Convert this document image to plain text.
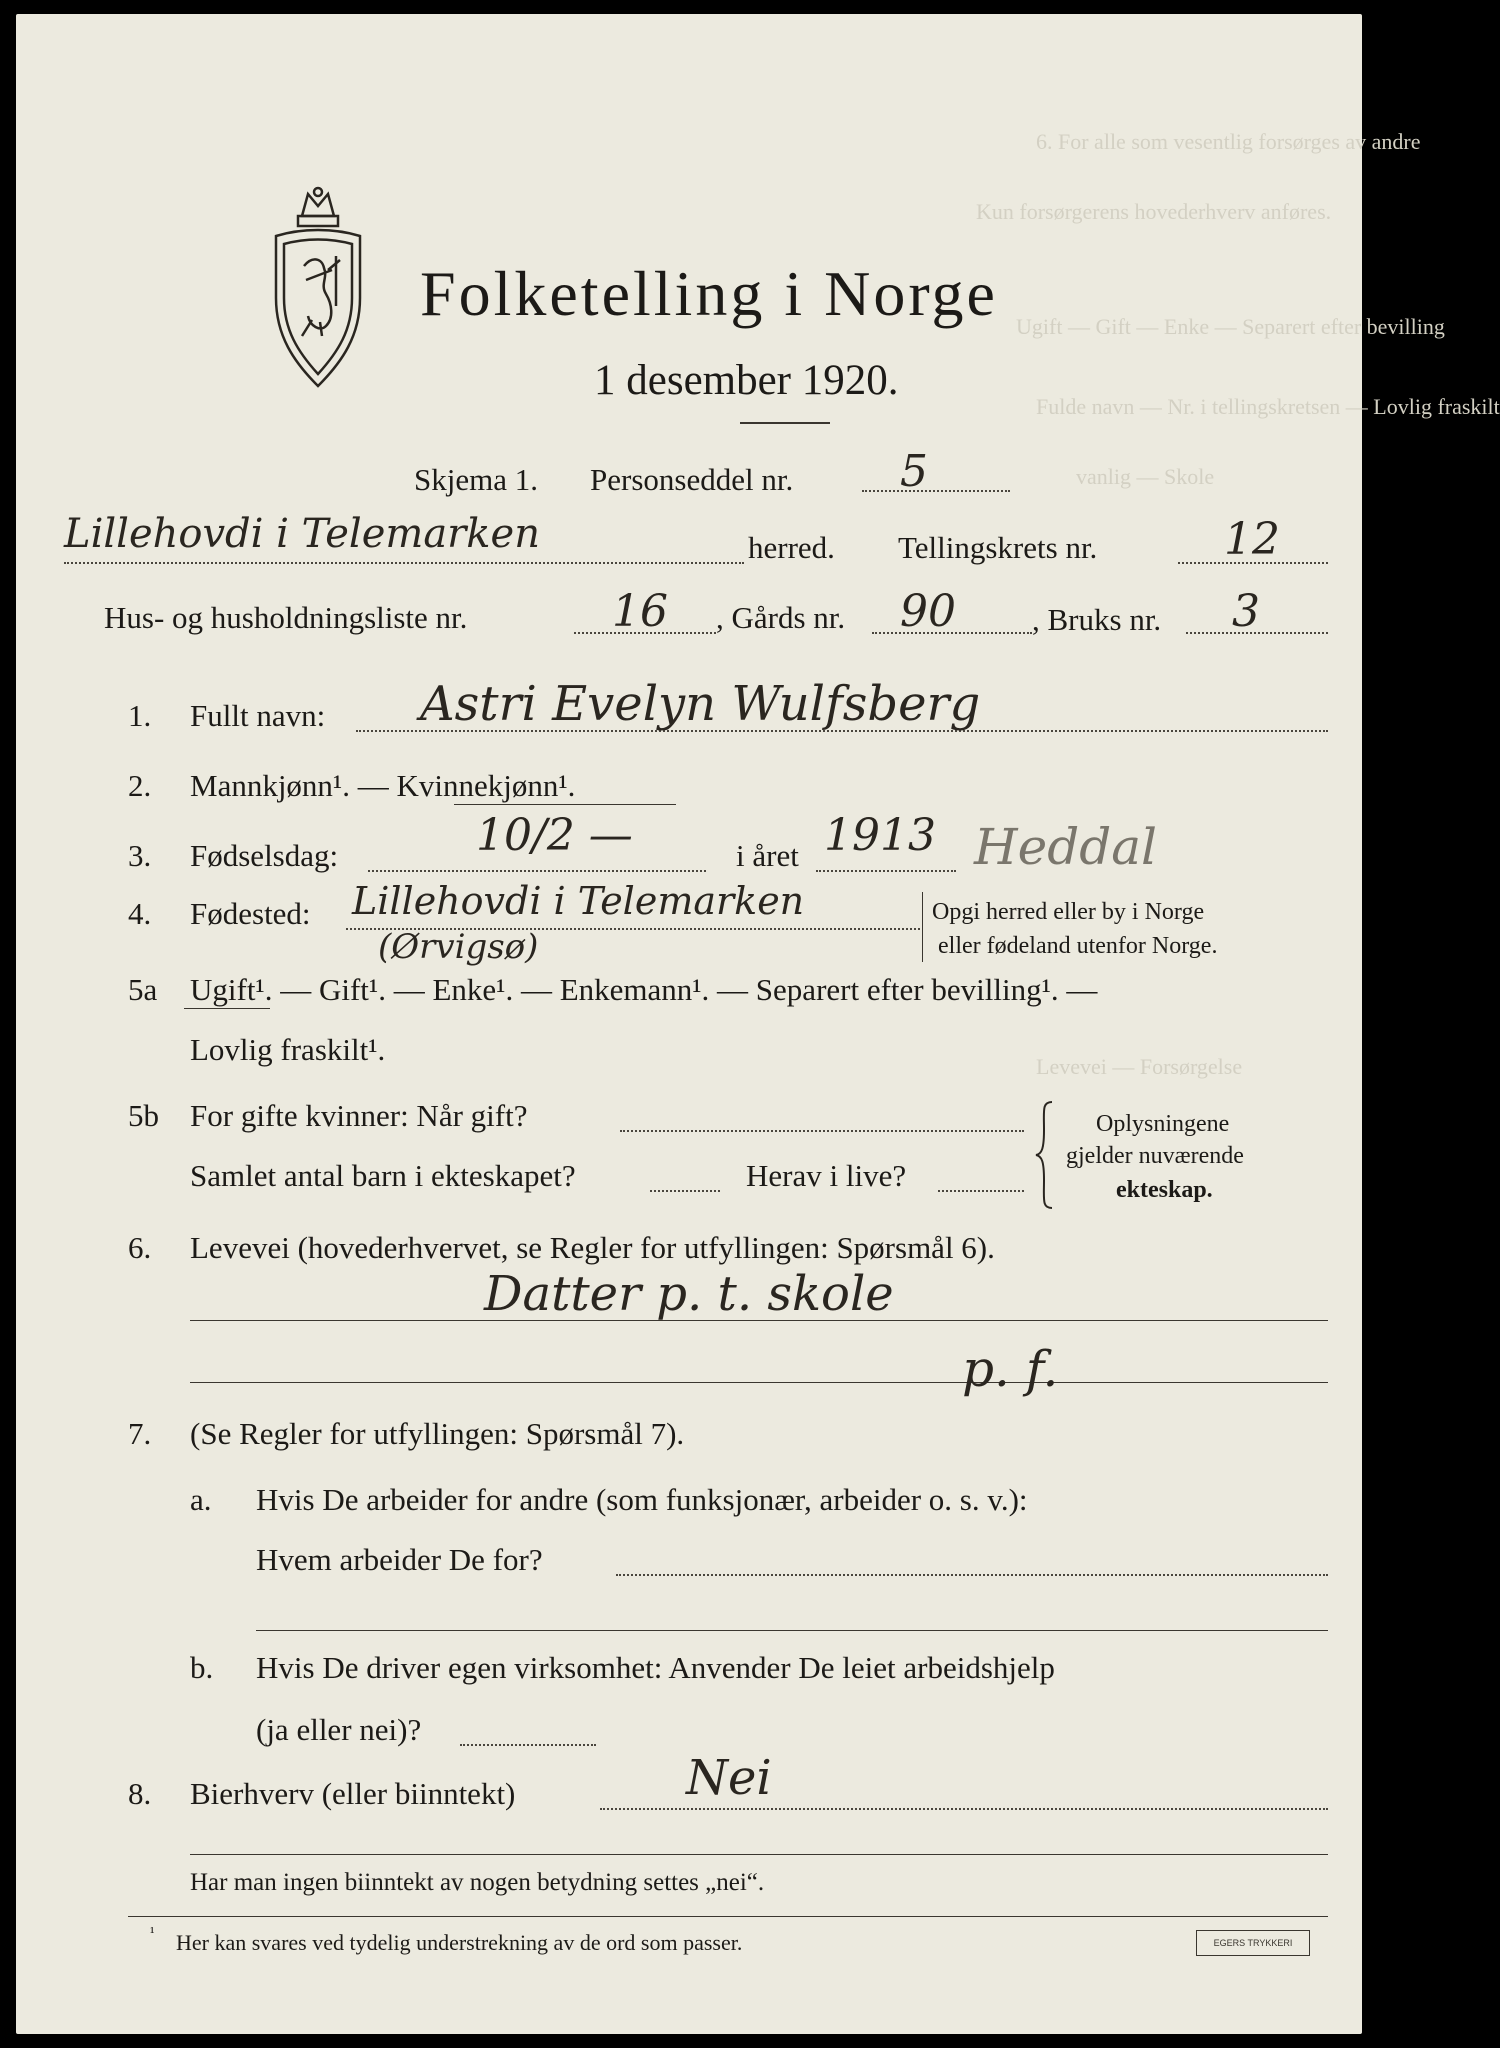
6. For alle som vesentlig forsørges av andre
Kun forsørgerens hovederhverv anføres.
Ugift — Gift — Enke — Separert efter bevilling
Fulde navn — Nr. i tellingskretsen — Lovlig fraskilt
vanlig — Skole
Levevei — Forsørgelse
Folketelling i Norge
1 desember 1920.
Skjema 1. Personseddel nr. 5
Lillehovdi i Telemarken	herred. Tellingskrets nr.	12
Hus- og husholdningsliste nr.	16 , Gårds nr. 90 , Bruks nr. 3
1. Fullt navn: Astri Evelyn Wulfsberg
2. Mannkjønn¹. — Kvinnekjønn¹.
3. Fødselsdag:	10/2 —	i året 1913 Heddal
4. Fødested: Lillehovdi i Telemarken
(Ørvigsø)
Opgi herred eller by i Norge
eller fødeland utenfor Norge.
5a Ugift¹. — Gift¹. — Enke¹. — Enkemann¹. — Separert efter bevilling¹. —
Lovlig fraskilt¹.
5b For gifte kvinner: Når gift?
Samlet antal barn i ekteskapet?	Herav i live?
Oplysningene
gjelder nuværende
ekteskap.
6. Levevei (hovederhvervet, se Regler for utfyllingen: Spørsmål 6).
Datter p. t. skole
p. f.
7. (Se Regler for utfyllingen: Spørsmål 7).
a. Hvis De arbeider for andre (som funksjonær, arbeider o. s. v.):
Hvem arbeider De for?
b. Hvis De driver egen virksomhet: Anvender De leiet arbeidshjelp
(ja eller nei)?
8. Bierhverv (eller biinntekt)	Nei
Har man ingen biinntekt av nogen betydning settes „nei“.
¹ Her kan svares ved tydelig understrekning av de ord som passer.	EGERS TRYKKERI
